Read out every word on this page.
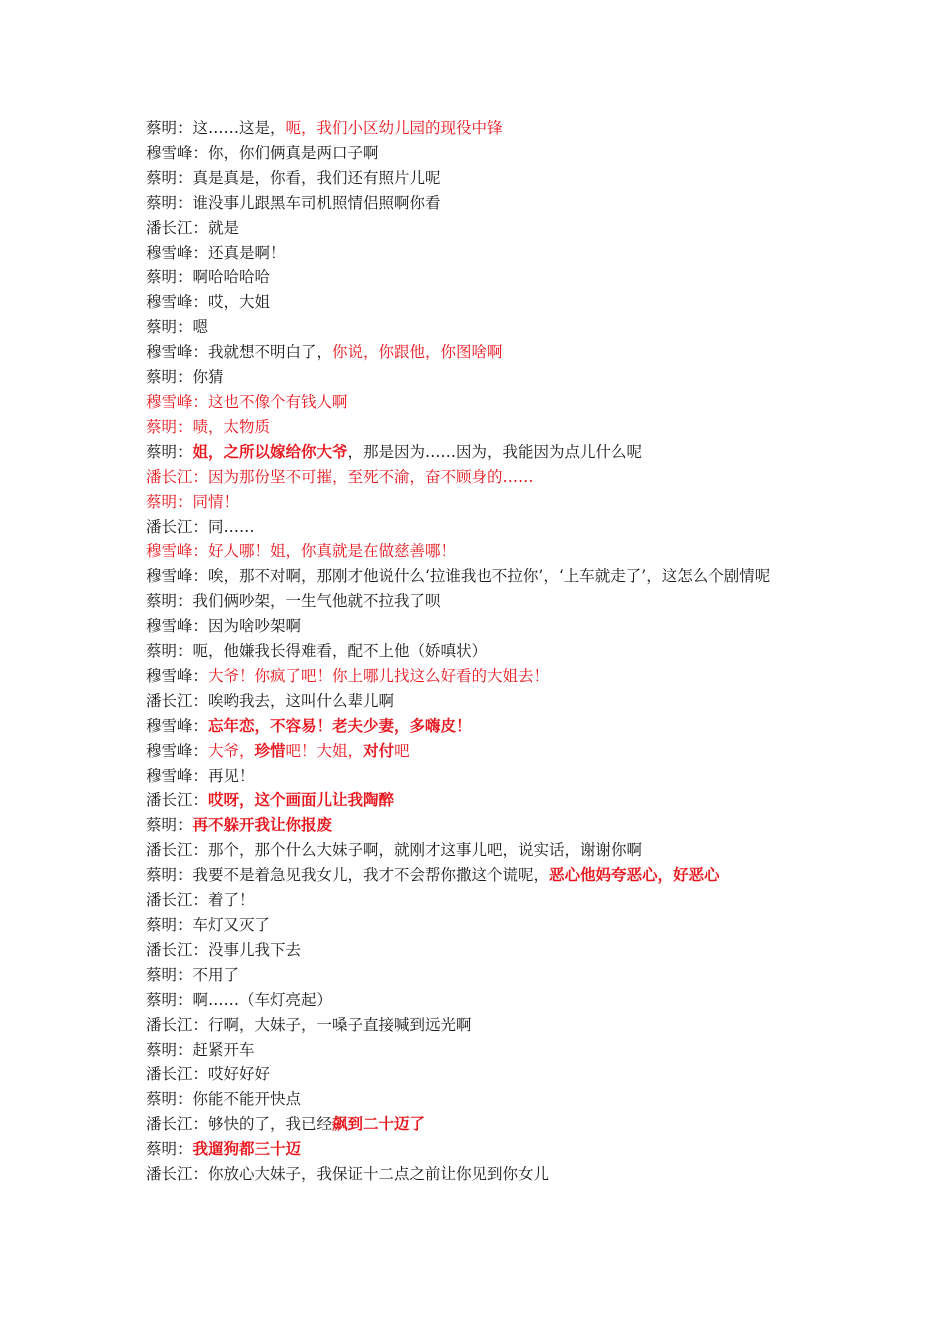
蔡明：这……这是，呃，我们小区幼儿园的现役中锋
穆雪峰：你，你们俩真是两口子啊
蔡明：真是真是，你看，我们还有照片儿呢
蔡明：谁没事儿跟黑车司机照情侣照啊你看
潘长江：就是
穆雪峰：还真是啊！
蔡明：啊哈哈哈哈
穆雪峰：哎，大姐
蔡明：嗯
穆雪峰：我就想不明白了，你说，你跟他，你图啥啊
蔡明：你猜
穆雪峰：这也不像个有钱人啊
蔡明：啧，太物质
蔡明：姐，之所以嫁给你大爷，那是因为……因为，我能因为点儿什么呢
潘长江：因为那份坚不可摧，至死不渝，奋不顾身的……
蔡明：同情！
潘长江：同……
穆雪峰：好人哪！姐，你真就是在做慈善哪！
穆雪峰：唉，那不对啊，那刚才他说什么‘拉谁我也不拉你’，‘上车就走了’，这怎么个剧情呢
蔡明：我们俩吵架，一生气他就不拉我了呗
穆雪峰：因为啥吵架啊
蔡明：呃，他嫌我长得难看，配不上他（娇嗔状）
穆雪峰：大爷！你疯了吧！你上哪儿找这么好看的大姐去！
潘长江：唉哟我去，这叫什么辈儿啊
穆雪峰：忘年恋，不容易！老夫少妻，多嗨皮！
穆雪峰：大爷，珍惜吧！大姐，对付吧
穆雪峰：再见！
潘长江：哎呀，这个画面儿让我陶醉
蔡明：再不躲开我让你报废
潘长江：那个，那个什么大妹子啊，就刚才这事儿吧，说实话，谢谢你啊
蔡明：我要不是着急见我女儿，我才不会帮你撒这个谎呢，恶心他妈夸恶心，好恶心
潘长江：着了！
蔡明：车灯又灭了
潘长江：没事儿我下去
蔡明：不用了
蔡明：啊……（车灯亮起）
潘长江：行啊，大妹子，一嗓子直接喊到远光啊
蔡明：赶紧开车
潘长江：哎好好好
蔡明：你能不能开快点
潘长江：够快的了，我已经飙到二十迈了
蔡明：我遛狗都三十迈
潘长江：你放心大妹子，我保证十二点之前让你见到你女儿
